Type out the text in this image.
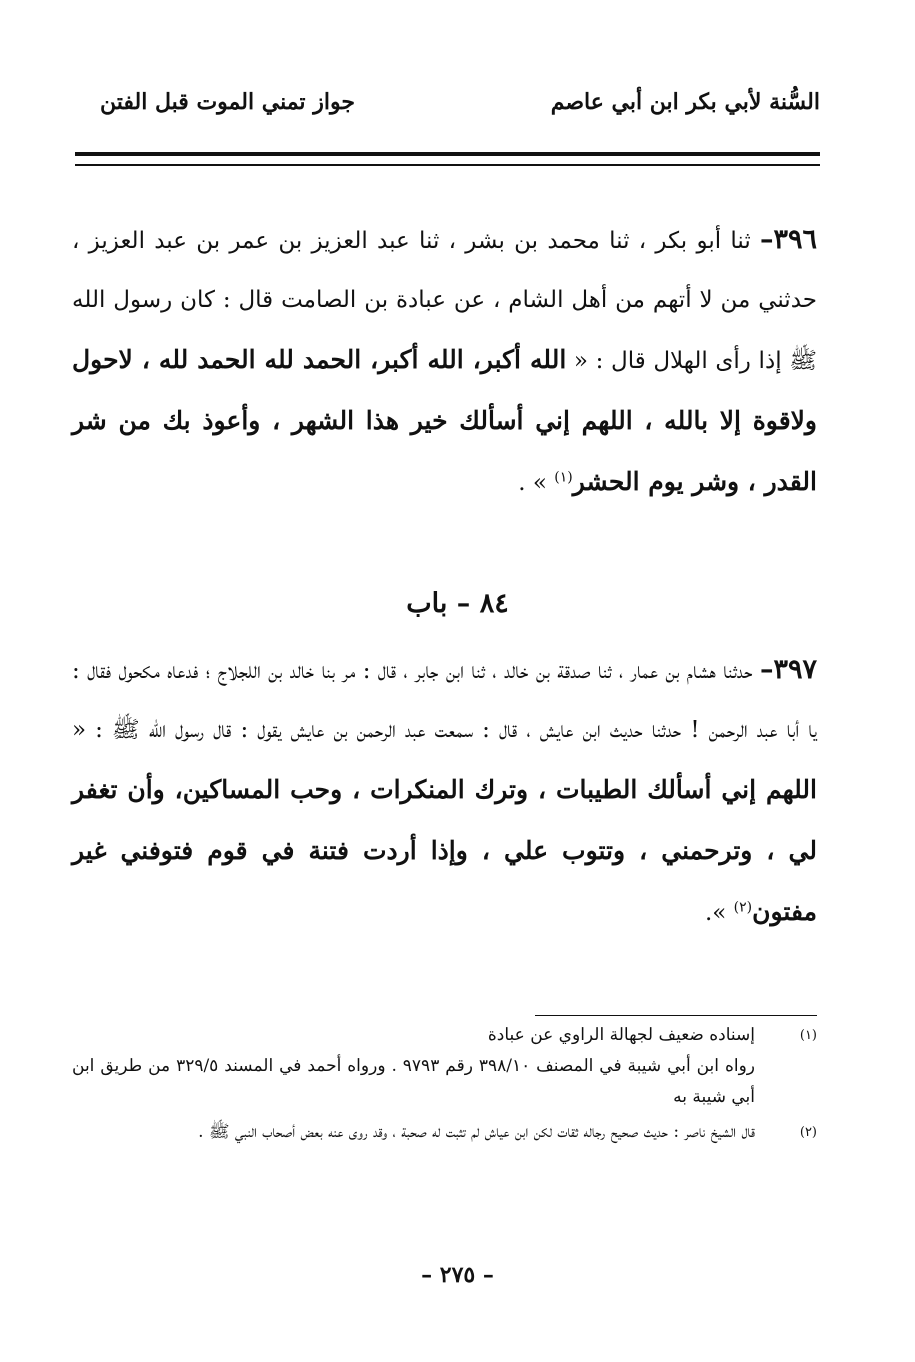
السُّنة لأبي بكر ابن أبي عاصم
جواز تمني الموت قبل الفتن

٣٩٦– ثنا أبو بكر ، ثنا محمد بن بشر ، ثنا عبد العزيز بن عمر بن عبد العزيز ، حدثني من لا أتهم من أهل الشام ، عن عبادة بن الصامت قال : كان رسول الله ﷺ إذا رأى الهلال قال : « الله أكبر، الله أكبر، الحمد لله الحمد لله ، لاحول ولاقوة إلا بالله ، اللهم إني أسألك خير هذا الشهر ، وأعوذ بك من شر القدر ، وشر يوم الحشر$^{(١)}$ » .

٨٤ – باب

٣٩٧– حدثنا هشام بن عمار ، ثنا صدقة بن خالد ، ثنا ابن جابر ، قال : مر بنا خالد بن اللجلاج ؛ فدعاه مكحول فقال : يا أبا عبد الرحمن ! حدثنا حديث ابن عايش ، قال : سمعت عبد الرحمن بن عايش يقول : قال رسول الله ﷺ : « اللهم إني أسألك الطيبات ، وترك المنكرات ، وحب المساكين، وأن تغفر لي ، وترحمني ، وتتوب علي ، وإذا أردت فتنة في قوم فتوفني غير مفتون$^{(٢)}$ ».

(١)
إسناده ضعيف لجهالة الراوي عن عبادة
رواه ابن أبي شيبة في المصنف ٣٩٨/١٠ رقم ٩٧٩٣ . ورواه أحمد في المسند ٣٢٩/٥ من طريق ابن أبي شيبة به
(٢)
قال الشيخ ناصر : حديث صحيح رجاله ثقات لكن ابن عياش لم تثبت له صحبة ، وقد روى عنه بعض أصحاب النبي ﷺ .
– ٢٧٥ –
